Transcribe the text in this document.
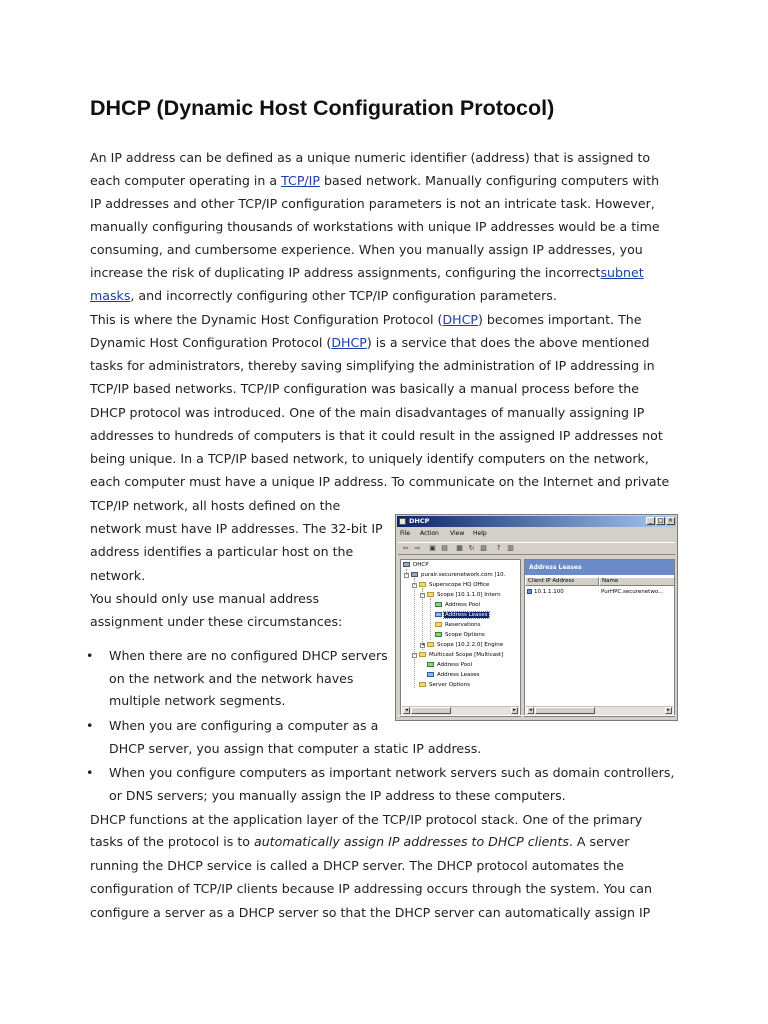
DHCP (Dynamic Host Configuration Protocol)

An IP address can be defined as a unique numeric identifier (address) that is assigned to

each computer operating in a TCP/IP based network. Manually configuring computers with

IP addresses and other TCP/IP configuration parameters is not an intricate task. However,

manually configuring thousands of workstations with unique IP addresses would be a time

consuming, and cumbersome experience. When you manually assign IP addresses, you

increase the risk of duplicating IP address assignments, configuring the incorrectsubnet

masks, and incorrectly configuring other TCP/IP configuration parameters.

This is where the Dynamic Host Configuration Protocol (DHCP) becomes important. The

Dynamic Host Configuration Protocol (DHCP) is a service that does the above mentioned

tasks for administrators, thereby saving simplifying the administration of IP addressing in

TCP/IP based networks. TCP/IP configuration was basically a manual process before the

DHCP protocol was introduced. One of the main disadvantages of manually assigning IP

addresses to hundreds of computers is that it could result in the assigned IP addresses not

being unique. In a TCP/IP based network, to uniquely identify computers on the network,

each computer must have a unique IP address. To communicate on the Internet and private

TCP/IP network, all hosts defined on the

network must have IP addresses. The 32-bit IP

address identifies a particular host on the

network.

You should only use manual address

assignment under these circumstances:

• When there are no configured DHCP servers

on the network and the network haves

multiple network segments.

• When you are configuring a computer as a

DHCP server, you assign that computer a static IP address.

• When you configure computers as important network servers such as domain controllers,

or DNS servers; you manually assign the IP address to these computers.

DHCP functions at the application layer of the TCP/IP protocol stack. One of the primary

tasks of the protocol is to automatically assign IP addresses to DHCP clients. A server

running the DHCP service is called a DHCP server. The DHCP protocol automates the

configuration of TCP/IP clients because IP addressing occurs through the system. You can

configure a server as a DHCP server so that the DHCP server can automatically assign IP

DHCP	_ □ ×
File Action View Help
⇦ ⇨ ▣ ▤ ▦ ↻ ▧	? ▥
DHCP
-	purair.securenetwork.com [10.
-	Superscope HQ Office
-	Scope [10.1.1.0] Intern
Address Pool
Address Leases
Reservations
Scope Options
+	Scope [10.2.2.0] Engine
-	Multicast Scope [Multicast]
Address Pool
Address Leases
Server Options
◂	▸
Address Leases
Client IP Address	Name
10.1.1.100	PurHPC.securenetwo...
◂	▸
